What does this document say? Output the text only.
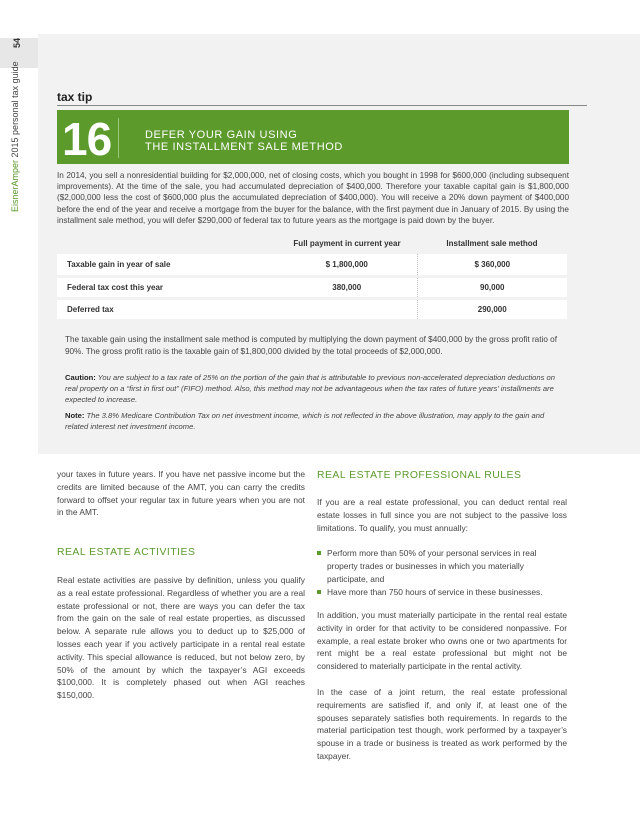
54
EisnerAmper 2015 personal tax guide	tax tip
16	DEFER YOUR GAIN USING
THE INSTALLMENT SALE METHOD
In 2014, you sell a nonresidential building for $2,000,000, net of closing costs, which you bought in 1998 for $600,000 (including subsequent improvements). At the time of the sale, you had accumulated depreciation of $400,000. Therefore your taxable capital gain is $1,800,000 ($2,000,000 less the cost of $600,000 plus the accumulated depreciation of $400,000). You will receive a 20% down payment of $400,000 before the end of the year and receive a mortgage from the buyer for the balance, with the first payment due in January of 2015. By using the installment sale method, you will defer $290,000 of federal tax to future years as the mortgage is paid down by the buyer.
	Full payment in current year	Installment sale method
Taxable gain in year of sale	$ 1,800,000	$ 360,000
Federal tax cost this year	380,000	90,000
Deferred tax		290,000
The taxable gain using the installment sale method is computed by multiplying the down payment of $400,000 by the gross profit ratio of 90%. The gross profit ratio is the taxable gain of $1,800,000 divided by the total proceeds of $2,000,000.
Caution: You are subject to a tax rate of 25% on the portion of the gain that is attributable to previous non-accelerated depreciation deductions on real property on a “first in first out” (FIFO) method. Also, this method may not be advantageous when the tax rates of future years’ installments are expected to increase.
Note: The 3.8% Medicare Contribution Tax on net investment income, which is not reflected in the above illustration, may apply to the gain and related interest net investment income.
your taxes in future years. If you have net passive income but the credits are limited because of the AMT, you can carry the credits forward to offset your regular tax in future years when you are not in the AMT.
REAL ESTATE ACTIVITIES
Real estate activities are passive by definition, unless you qualify as a real estate professional. Regardless of whether you are a real estate professional or not, there are ways you can defer the tax from the gain on the sale of real estate properties, as discussed below. A separate rule allows you to deduct up to $25,000 of losses each year if you actively participate in a rental real estate activity. This special allowance is reduced, but not below zero, by 50% of the amount by which the taxpayer’s AGI exceeds $100,000. It is completely phased out when AGI reaches $150,000.
REAL ESTATE PROFESSIONAL RULES
If you are a real estate professional, you can deduct rental real estate losses in full since you are not subject to the passive loss limitations. To qualify, you must annually:
Perform more than 50% of your personal services in real property trades or businesses in which you materially participate, and
Have more than 750 hours of service in these businesses.
In addition, you must materially participate in the rental real estate activity in order for that activity to be considered nonpassive. For example, a real estate broker who owns one or two apartments for rent might be a real estate professional but might not be considered to materially participate in the rental activity.
In the case of a joint return, the real estate professional requirements are satisfied if, and only if, at least one of the spouses separately satisfies both requirements. In regards to the material participation test though, work performed by a taxpayer’s spouse in a trade or business is treated as work performed by the taxpayer.
